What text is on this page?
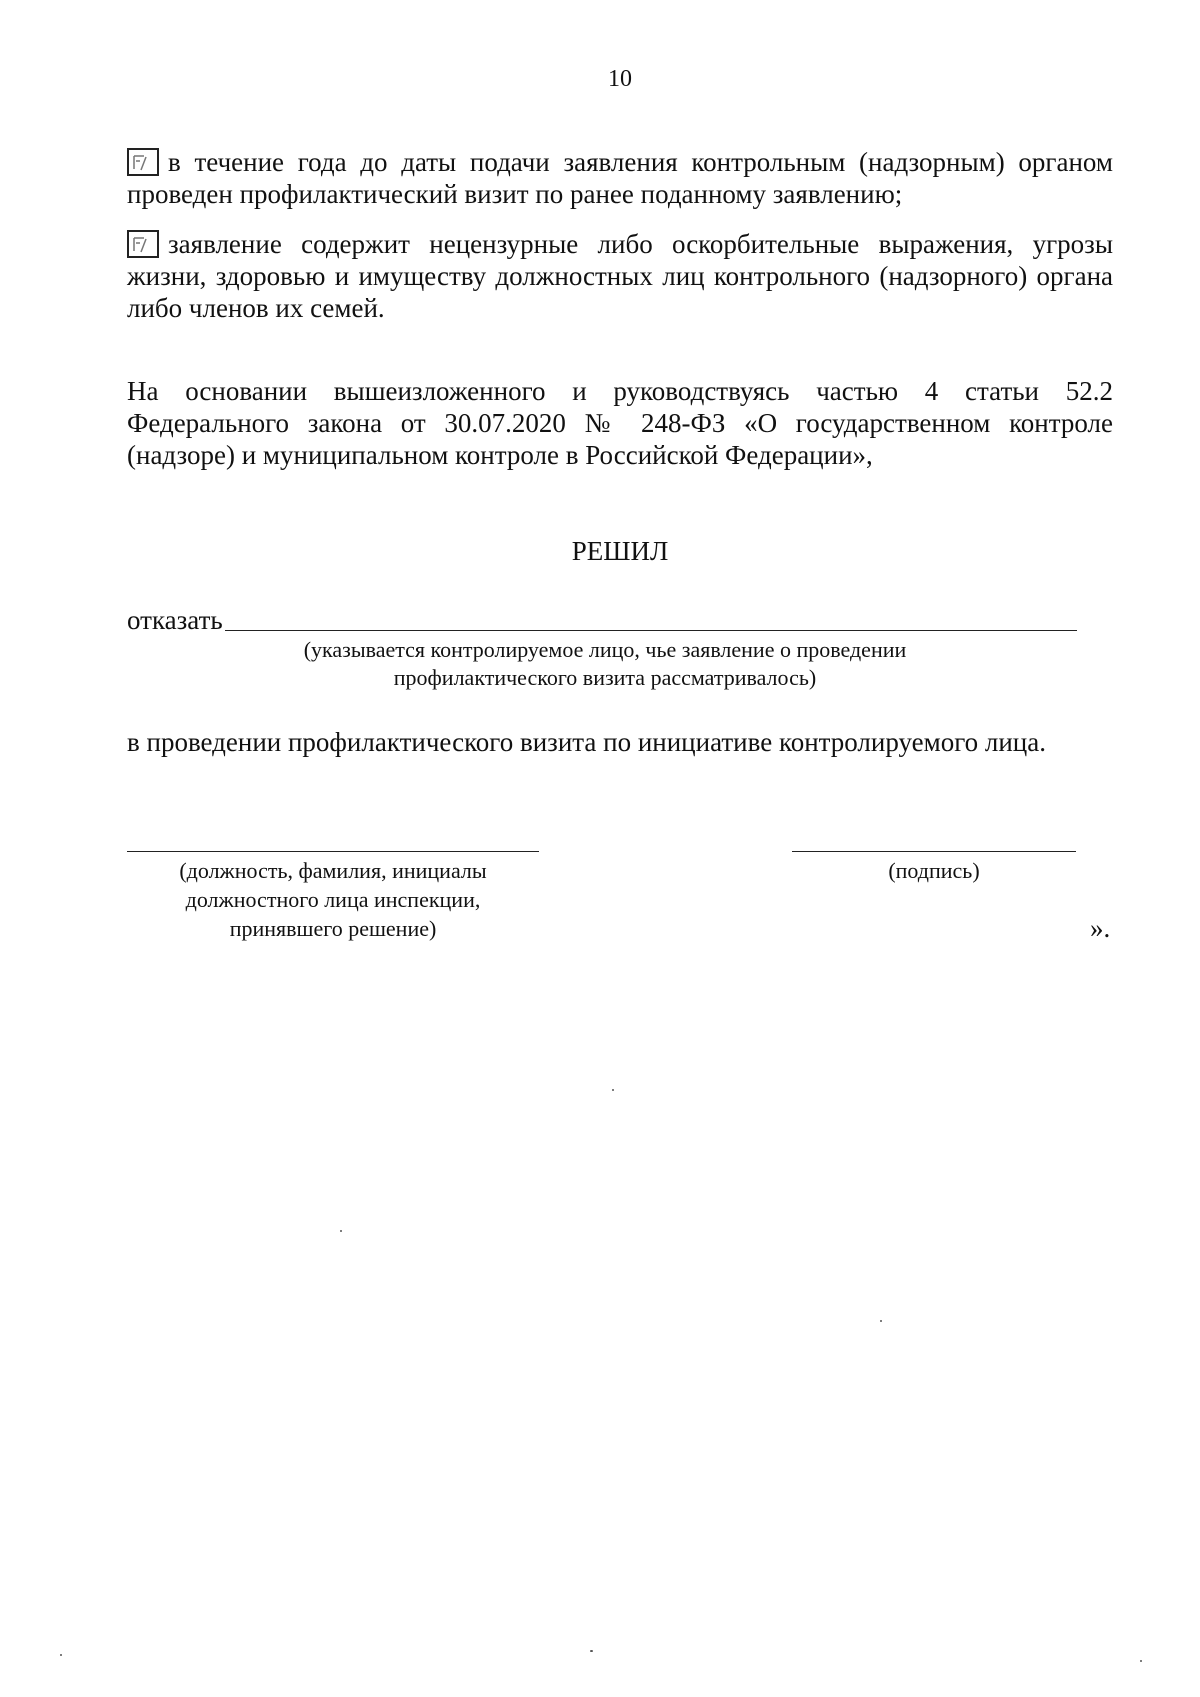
10
в течение года до даты подачи заявления контрольным (надзорным) органом проведен профилактический визит по ранее поданному заявлению;
заявление содержит нецензурные либо оскорбительные выражения, угрозы жизни, здоровью и имуществу должностных лиц контрольного (надзорного) органа либо членов их семей.
На основании вышеизложенного и руководствуясь частью 4 статьи 52.2 Федерального закона от 30.07.2020 № 248-ФЗ «О государственном контроле (надзоре) и муниципальном контроле в Российской Федерации»,
РЕШИЛ
отказать
(указывается контролируемое лицо, чье заявление о проведении профилактического визита рассматривалось)
в проведении профилактического визита по инициативе контролируемого лица.
(должность, фамилия, инициалы должностного лица инспекции, принявшего решение)
(подпись)
».
